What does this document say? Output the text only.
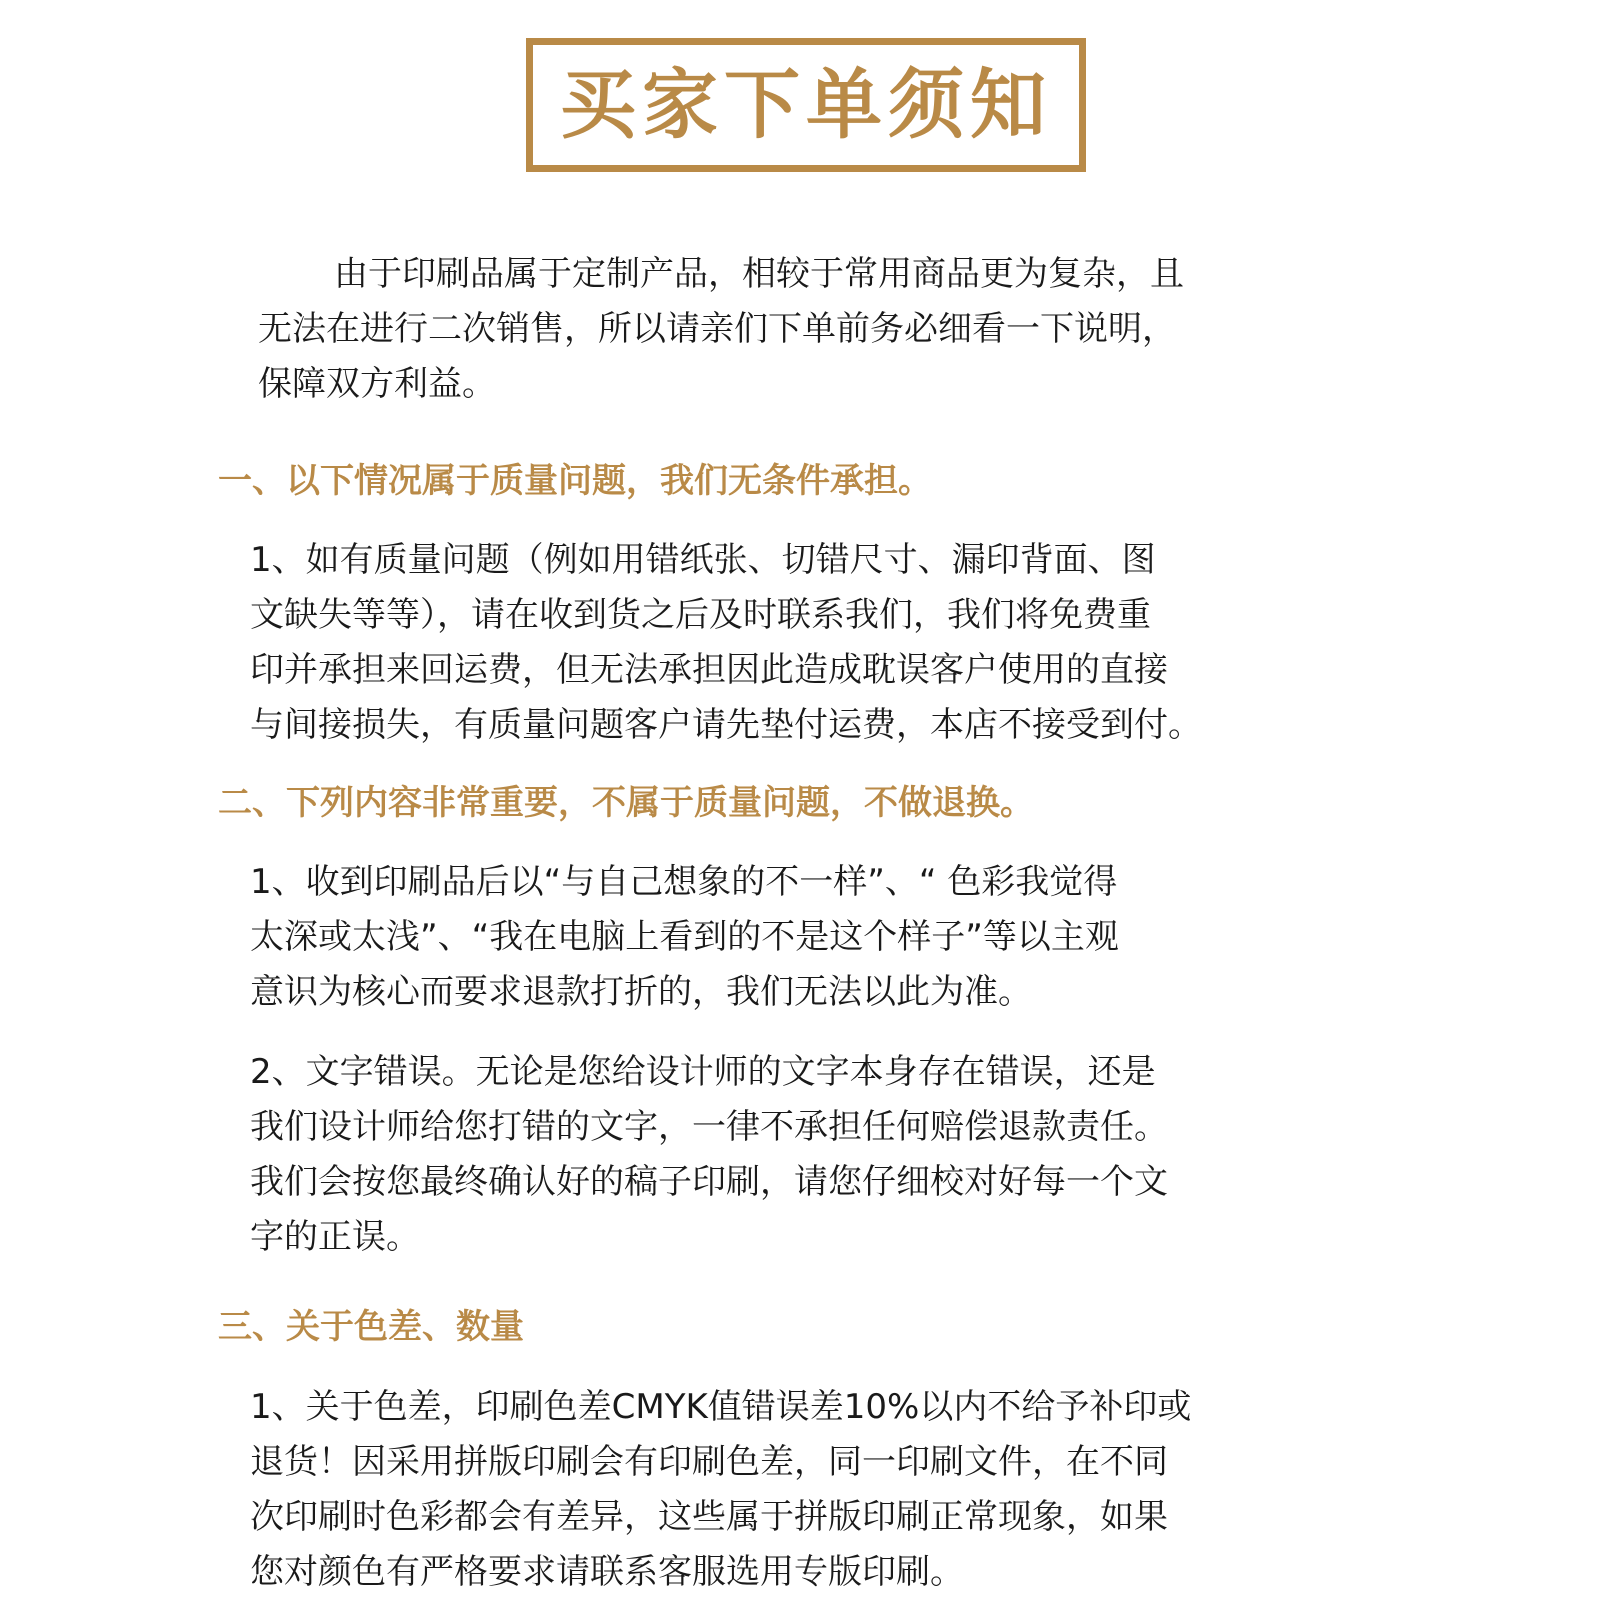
买家下单须知
由于印刷品属于定制产品，相较于常用商品更为复杂，且
无法在进行二次销售，所以请亲们下单前务必细看一下说明，
保障双方利益。
一、以下情况属于质量问题，我们无条件承担。
1、如有质量问题（例如用错纸张、切错尺寸、漏印背面、图
文缺失等等），请在收到货之后及时联系我们，我们将免费重
印并承担来回运费，但无法承担因此造成耽误客户使用的直接
与间接损失，有质量问题客户请先垫付运费，本店不接受到付。
二、下列内容非常重要，不属于质量问题，不做退换。
1、收到印刷品后以“与自己想象的不一样”、“ 色彩我觉得
太深或太浅”、“我在电脑上看到的不是这个样子”等以主观
意识为核心而要求退款打折的，我们无法以此为准。
2、文字错误。无论是您给设计师的文字本身存在错误，还是
我们设计师给您打错的文字，一律不承担任何赔偿退款责任。
我们会按您最终确认好的稿子印刷，请您仔细校对好每一个文
字的正误。
三、关于色差、数量
1、关于色差，印刷色差CMYK值错误差10%以内不给予补印或
退货！因采用拼版印刷会有印刷色差，同一印刷文件，在不同
次印刷时色彩都会有差异，这些属于拼版印刷正常现象，如果
您对颜色有严格要求请联系客服选用专版印刷。
